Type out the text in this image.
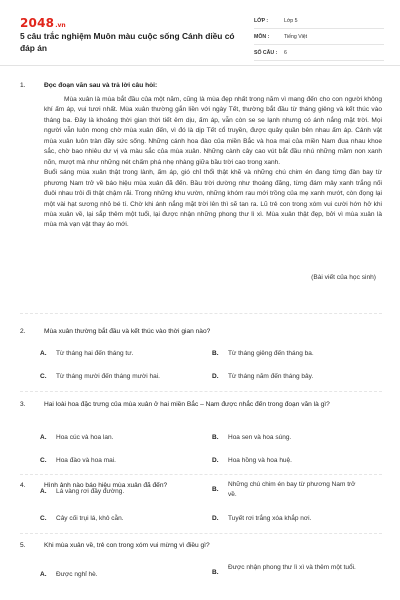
2048 .vn
5 câu trắc nghiệm Muôn màu cuộc sống Cánh diều có đáp án
LỚP :	Lớp 5
MÔN :	Tiếng Việt
SỐ CÂU :	6
1.	Đọc đoạn văn sau và trả lời câu hỏi:

Mùa xuân là mùa bắt đầu của một năm, cũng là mùa đẹp nhất trong năm vì mang đến cho con người không khí ấm áp, vui tươi nhất. Mùa xuân thường gắn liền với ngày Tết, thường bắt đầu từ tháng giêng và kết thúc vào tháng ba. Đây là khoảng thời gian thời tiết êm dịu, ấm áp, vẫn còn se se lạnh nhưng có ánh nắng mặt trời. Mọi người vẫn luôn mong chờ mùa xuân đến, vì đó là dịp Tết cổ truyền, được quây quần bên nhau ấm áp. Cảnh vật mùa xuân luôn tràn đầy sức sống. Những cánh hoa đào của miền Bắc và hoa mai của miền Nam đua nhau khoe sắc, chờ bao nhiêu dư vị và màu sắc của mùa xuân. Những cành cây cao vút bắt đầu nhú những mầm non xanh nõn, mượt mà như những nét chấm phá nhẹ nhàng giữa bầu trời cao trong xanh.

Buổi sáng mùa xuân thật trong lành, ấm áp, gió chỉ thổi thật khẽ và những chú chim én đang từng đàn bay từ phương Nam trở về báo hiệu mùa xuân đã đến. Bầu trời dường như thoáng đãng, từng đám mây xanh trắng nối đuôi nhau trôi đi thật chậm rãi. Trong những khu vườn, những khóm rau mới trồng của mẹ xanh mướt, còn đọng lại một vài hạt sương nhỏ bé tí. Chờ khi ánh nắng mặt trời lên thì sẽ tan ra. Lũ trẻ con trong xóm vui cười hớn hở khi mùa xuân về, lại sắp thêm một tuổi, lại được nhận những phong thư lì xì. Mùa xuân thật đẹp, bởi vì mùa xuân là mùa mà vạn vật thay áo mới.

(Bài viết của học sinh)
2.	Mùa xuân thường bắt đầu và kết thúc vào thời gian nào?
A.	Từ tháng hai đến tháng tư.	B.	Từ tháng giêng đến tháng ba.
C.	Từ tháng mười đến tháng mười hai.	D.	Từ tháng năm đến tháng bảy.
3.	Hai loài hoa đặc trưng của mùa xuân ở hai miền Bắc – Nam được nhắc đến trong đoạn văn là gì?
A.	Hoa cúc và hoa lan.	B.	Hoa sen và hoa súng.
C.	Hoa đào và hoa mai.	D.	Hoa hồng và hoa huệ.
4.	Hình ảnh nào báo hiệu mùa xuân đã đến?
A.	Lá vàng rơi đầy đường.	B.
Những chú chim én bay từ phương Nam trở về.
C.	Cây cối trụi lá, khô cằn.	D.	Tuyết rơi trắng xóa khắp nơi.
5.	Khi mùa xuân về, trẻ con trong xóm vui mừng vì điều gì?
A.	Được nghỉ hè.	B.
Được nhận phong thư lì xì và thêm một tuổi.
